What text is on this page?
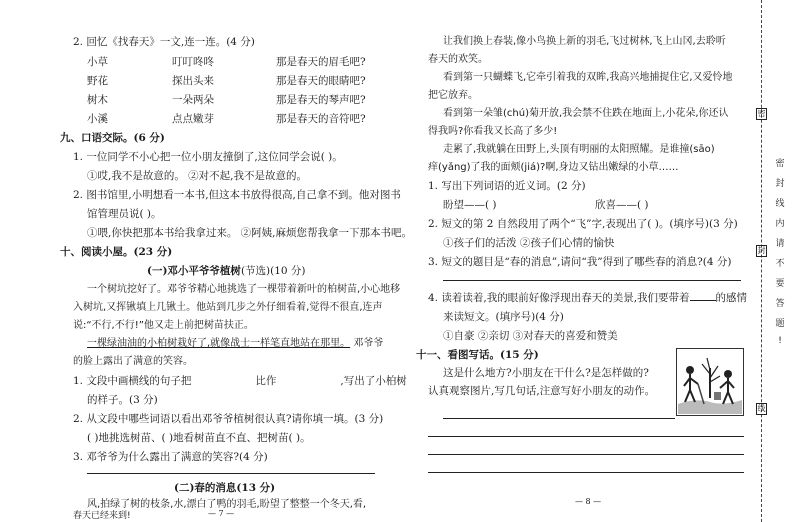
2. 回忆《找春天》一文,连一连。(4 分)
小草	叮叮咚咚	那是春天的眉毛吧?
野花	探出头来	那是春天的眼睛吧?
树木	一朵两朵	那是春天的琴声吧?
小溪	点点嫩芽	那是春天的音符吧?
九、口语交际。(6 分)
1. 一位同学不小心把一位小朋友撞倒了,这位同学会说( )。
①哎,我不是故意的。 ②对不起,我不是故意的。
2. 图书馆里,小明想看一本书,但这本书放得很高,自己拿不到。他对图书
馆管理员说( )。
①喂,你快把那本书给我拿过来。 ②阿姨,麻烦您帮我拿一下那本书吧。
十、阅读小屋。(23 分)
(一)邓小平爷爷植树(节选)(10 分)
一个树坑挖好了。邓爷爷精心地挑选了一棵带着新叶的柏树苗,小心地移
入树坑,又挥锹填上几锹土。他站到几步之外仔细看着,觉得不很直,连声
说:“不行,不行!”他又走上前把树苗扶正。
一棵绿油油的小柏树栽好了,就像战士一样笔直地站在那里。 邓爷爷
的脸上露出了满意的笑容。
1. 文段中画横线的句子把	比作	,写出了小柏树
的样子。(3 分)
2. 从文段中哪些词语以看出邓爷爷植树很认真?请你填一填。(3 分)
( )地挑选树苗、( )地看树苗直不直、把树苗( )。
3. 邓爷爷为什么露出了满意的笑容?(4 分)
(二)春的消息(13 分)
风,拍绿了树的枝条,水,漂白了鸭的羽毛,盼望了整整一个冬天,看,
春天已经来到!	— 7 —
让我们换上春装,像小鸟换上新的羽毛,飞过树林,飞上山冈,去聆听
春天的欢笑。
看到第一只蝴蝶飞,它牵引着我的双眸,我高兴地捕捉住它,又爱怜地
把它放弃。
看到第一朵雏(chú)菊开放,我会禁不住跌在地面上,小花朵,你还认
得我吗?你看我又长高了多少!
走累了,我就躺在田野上,头顶有明丽的太阳照耀。是谁撞(sāo)
痒(yǎng)了我的面颊(jiá)?啊,身边又钻出嫩绿的小草……
1. 写出下列词语的近义词。(2 分)
盼望——( )	欣喜——( )
2. 短文的第 2 自然段用了两个“飞”字,表现出了( )。(填序号)(3 分)
①孩子们的活泼 ②孩子们心情的愉快
3. 短文的题目是“春的消息”,请问“我”得到了哪些春的消息?(4 分)
4. 读着读着,我的眼前好像浮现出春天的美景,我们要带着 的感情
来读短文。(填序号)(4 分)
①自豪 ②亲切 ③对春天的喜爱和赞美
十一、看图写话。(15 分)
这是什么地方?小朋友在干什么?是怎样做的?
认真观察图片,写几句话,注意写好小朋友的动作。
— 8 —
密
封
线
密
封
线
内
请
不
要
答
题
!
